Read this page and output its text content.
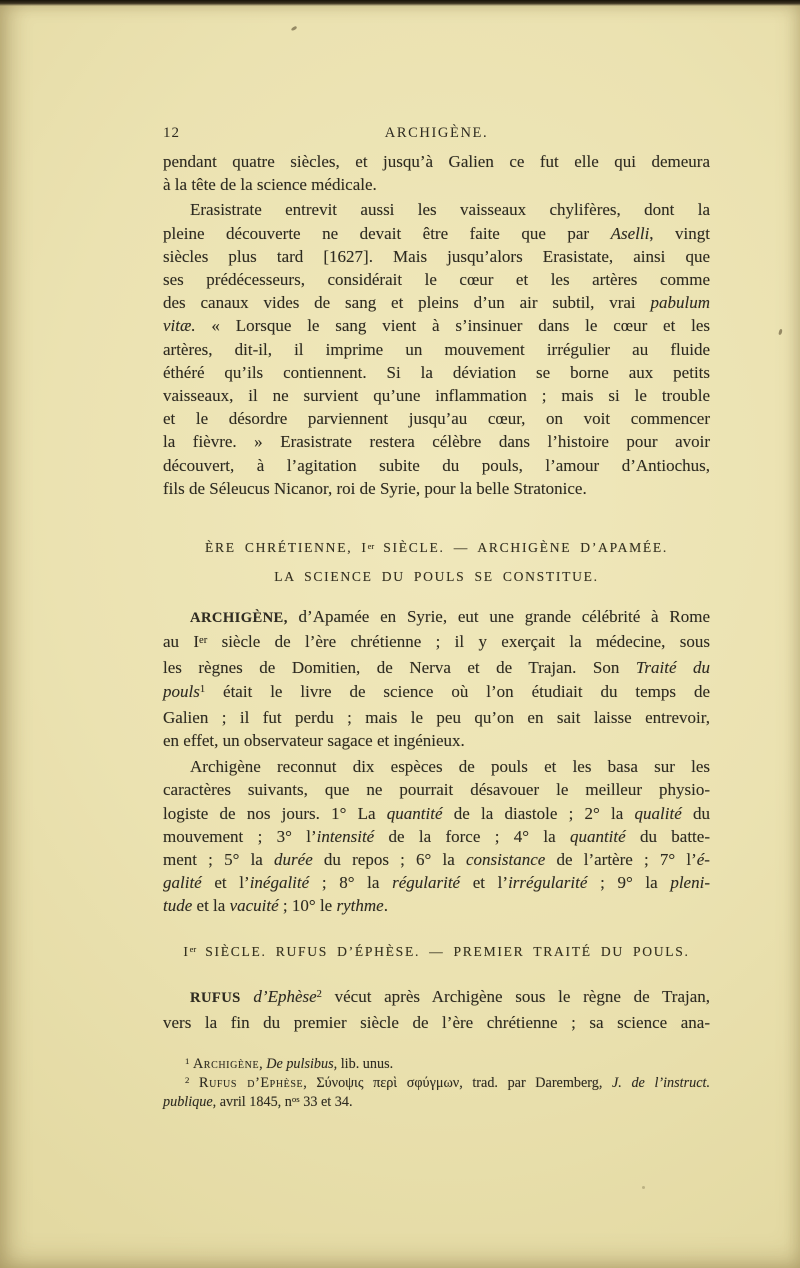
12	ARCHIGÈNE.
pendant quatre siècles, et jusqu’à Galien ce fut elle qui demeura
à la tête de la science médicale.
Erasistrate entrevit aussi les vaisseaux chylifères, dont la
pleine découverte ne devait être faite que par Aselli, vingt
siècles plus tard [1627]. Mais jusqu’alors Erasistate, ainsi que
ses prédécesseurs, considérait le cœur et les artères comme
des canaux vides de sang et pleins d’un air subtil, vrai pabulum
vitæ. « Lorsque le sang vient à s’insinuer dans le cœur et les
artères, dit-il, il imprime un mouvement irrégulier au fluide
éthéré qu’ils contiennent. Si la déviation se borne aux petits
vaisseaux, il ne survient qu’une inflammation ; mais si le trouble
et le désordre parviennent jusqu’au cœur, on voit commencer
la fièvre. » Erasistrate restera célèbre dans l’histoire pour avoir
découvert, à l’agitation subite du pouls, l’amour d’Antiochus,
fils de Séleucus Nicanor, roi de Syrie, pour la belle Stratonice.
ÈRE CHRÉTIENNE, Ier SIÈCLE. — ARCHIGÈNE D’APAMÉE.
LA SCIENCE DU POULS SE CONSTITUE.
ARCHIGÈNE, d’Apamée en Syrie, eut une grande célébrité à Rome
au Ier siècle de l’ère chrétienne ; il y exerçait la médecine, sous
les règnes de Domitien, de Nerva et de Trajan. Son Traité du
pouls$^1$ était le livre de science où l’on étudiait du temps de
Galien ; il fut perdu ; mais le peu qu’on en sait laisse entrevoir,
en effet, un observateur sagace et ingénieux.
Archigène reconnut dix espèces de pouls et les basa sur les
caractères suivants, que ne pourrait désavouer le meilleur physio-
logiste de nos jours. 1° La quantité de la diastole ; 2° la qualité du
mouvement ; 3° l’intensité de la force ; 4° la quantité du batte-
ment ; 5° la durée du repos ; 6° la consistance de l’artère ; 7° l’é-
galité et l’inégalité ; 8° la régularité et l’irrégularité ; 9° la pleni-
tude et la vacuité ; 10° le rythme.
Ier SIÈCLE. RUFUS D’ÉPHÈSE. — PREMIER TRAITÉ DU POULS.
RUFUS d’Ephèse$^2$ vécut après Archigène sous le règne de Trajan,
vers la fin du premier siècle de l’ère chrétienne ; sa science ana-
$^1$ Archigène, De pulsibus, lib. unus.
$^2$ Rufus d’Ephèse, Σύνοψις περὶ σφύγμων, trad. par Daremberg, J. de l’instruct.
publique, avril 1845, $n^{os}$ 33 et 34.
